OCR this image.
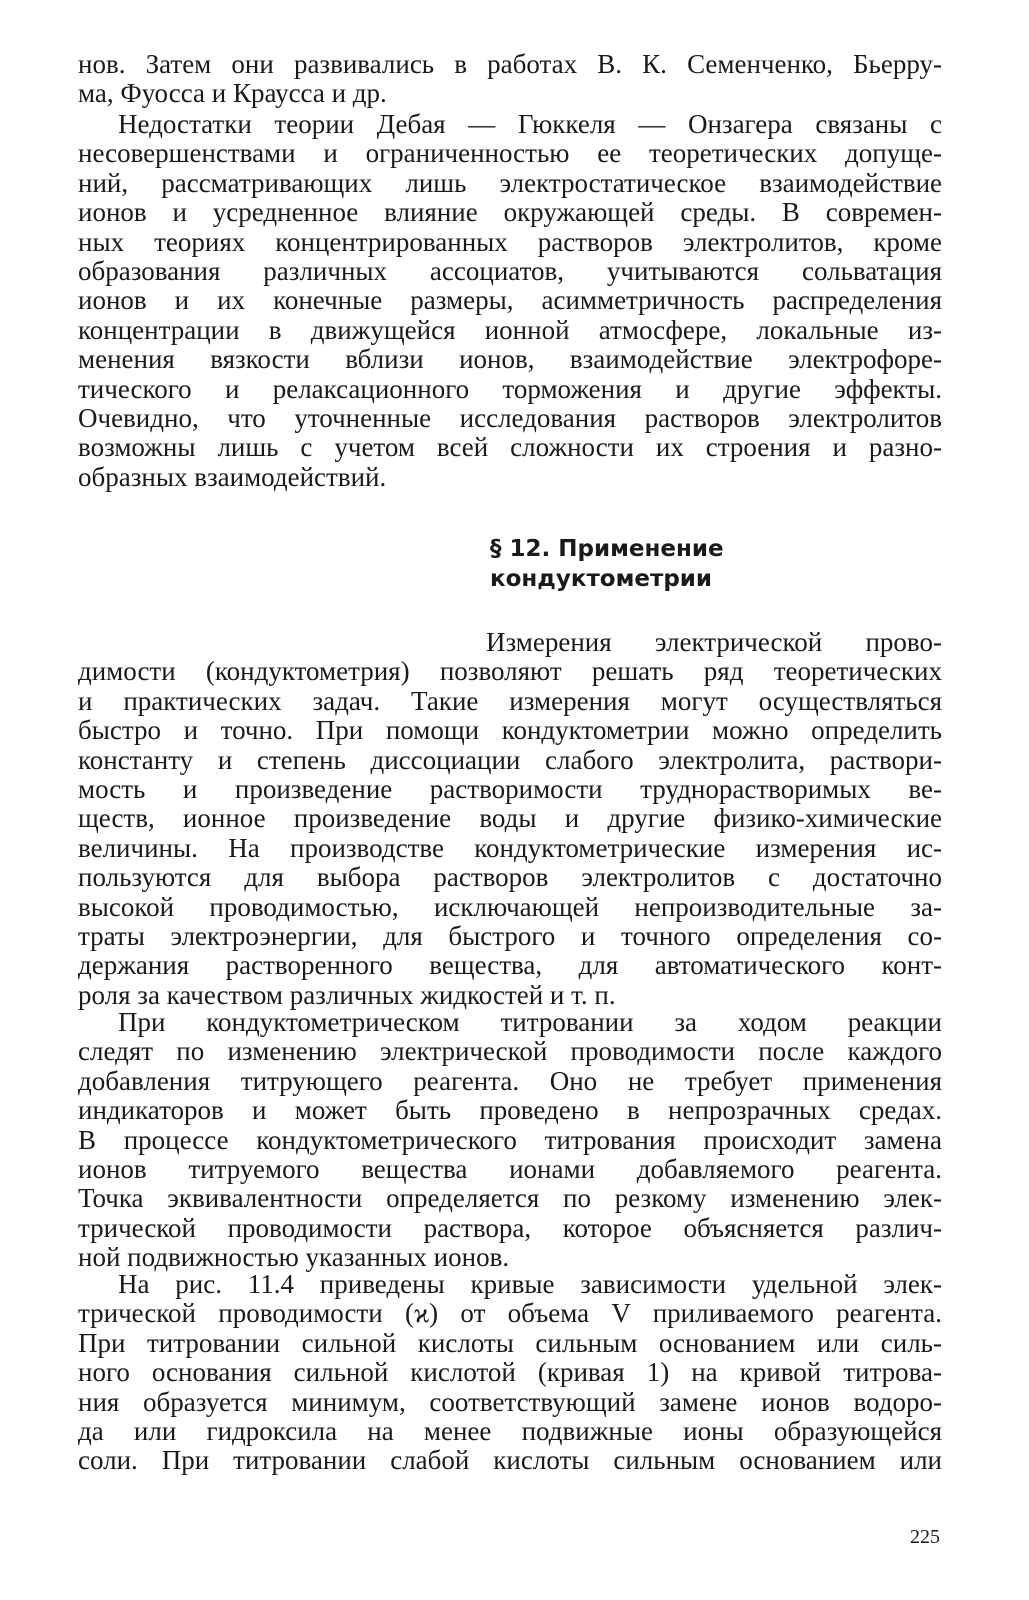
нов. Затем они развивались в работах В. К. Семенченко, Бьерру-
ма, Фуосса и Краусса и др.
Недостатки теории Дебая — Гюккеля — Онзагера связаны с
несовершенствами и ограниченностью ее теоретических допуще-
ний, рассматривающих лишь электростатическое взаимодействие
ионов и усредненное влияние окружающей среды. В современ-
ных теориях концентрированных растворов электролитов, кроме
образования различных ассоциатов, учитываются сольватация
ионов и их конечные размеры, асимметричность распределения
концентрации в движущейся ионной атмосфере, локальные из-
менения вязкости вблизи ионов, взаимодействие электрофоре-
тического и релаксационного торможения и другие эффекты.
Очевидно, что уточненные исследования растворов электролитов
возможны лишь с учетом всей сложности их строения и разно-
образных взаимодействий.
§ 12. Применение
кондуктометрии
Измерения электрической прово-
димости (кондуктометрия) позволяют решать ряд теоретических
и практических задач. Такие измерения могут осуществляться
быстро и точно. При помощи кондуктометрии можно определить
константу и степень диссоциации слабого электролита, раствори-
мость и произведение растворимости труднорастворимых ве-
ществ, ионное произведение воды и другие физико-химические
величины. На производстве кондуктометрические измерения ис-
пользуются для выбора растворов электролитов с достаточно
высокой проводимостью, исключающей непроизводительные за-
траты электроэнергии, для быстрого и точного определения со-
держания растворенного вещества, для автоматического конт-
роля за качеством различных жидкостей и т. п.
При кондуктометрическом титровании за ходом реакции
следят по изменению электрической проводимости после каждого
добавления титрующего реагента. Оно не требует применения
индикаторов и может быть проведено в непрозрачных средах.
В процессе кондуктометрического титрования происходит замена
ионов титруемого вещества ионами добавляемого реагента.
Точка эквивалентности определяется по резкому изменению элек-
трической проводимости раствора, которое объясняется различ-
ной подвижностью указанных ионов.
На рис. 11.4 приведены кривые зависимости удельной элек-
трической проводимости (ϰ) от объема V приливаемого реагента.
При титровании сильной кислоты сильным основанием или силь-
ного основания сильной кислотой (кривая 1) на кривой титрова-
ния образуется минимум, соответствующий замене ионов водоро-
да или гидроксила на менее подвижные ионы образующейся
соли. При титровании слабой кислоты сильным основанием или
225
